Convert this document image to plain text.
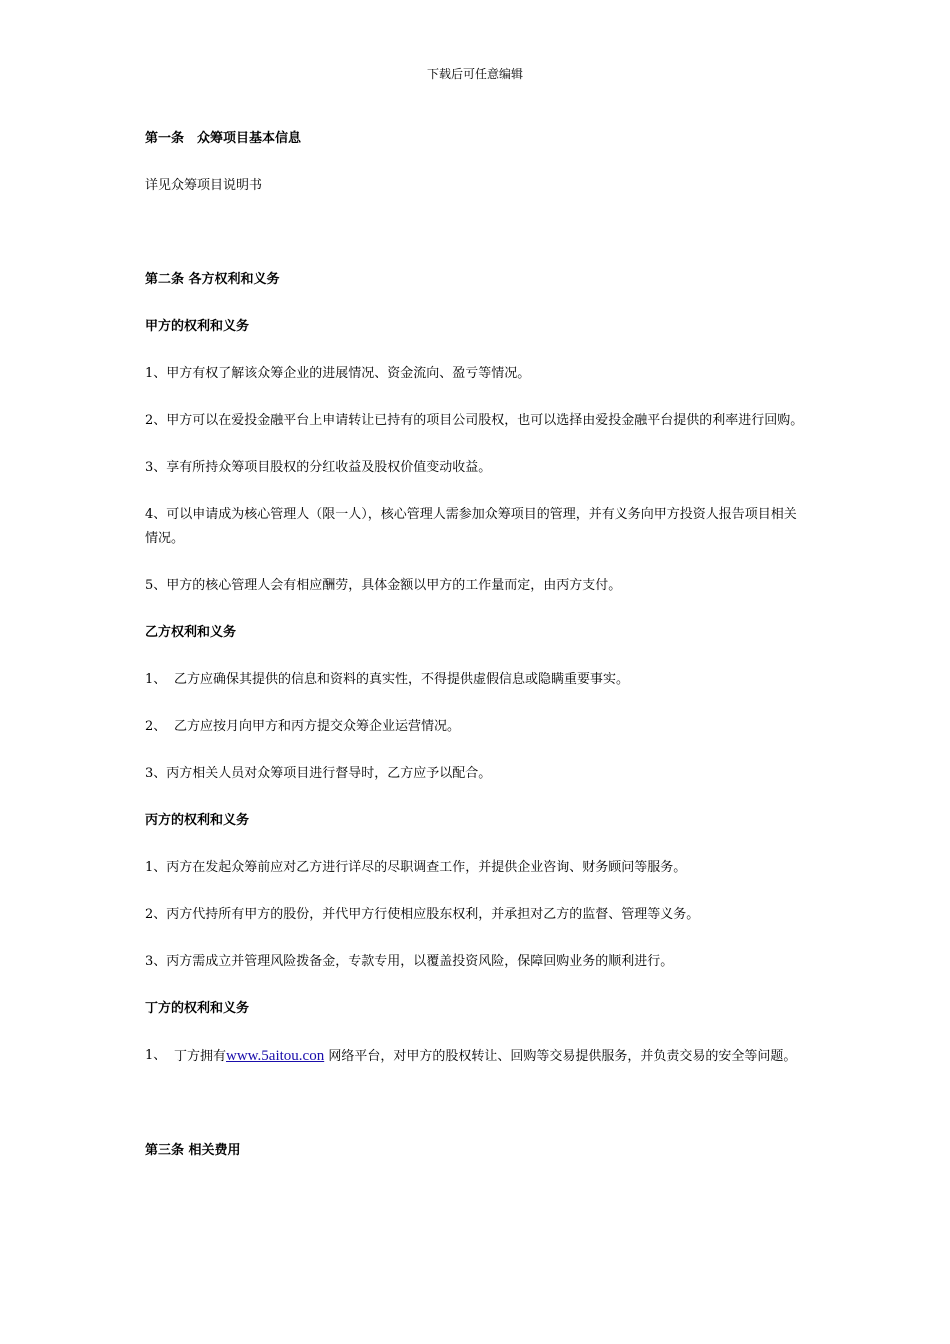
下载后可任意编辑

第一条　众筹项目基本信息

详见众筹项目说明书

第二条 各方权利和义务

甲方的权利和义务

1、甲方有权了解该众筹企业的进展情况、资金流向、盈亏等情况。

2、甲方可以在爱投金融平台上申请转让已持有的项目公司股权，也可以选择由爱投金融平台提供的利率进行回购。

3、享有所持众筹项目股权的分红收益及股权价值变动收益。

4、可以申请成为核心管理人（限一人），核心管理人需参加众筹项目的管理，并有义务向甲方投资人报告项目相关情况。

5、甲方的核心管理人会有相应酬劳，具体金额以甲方的工作量而定，由丙方支付。

乙方权利和义务

1、 乙方应确保其提供的信息和资料的真实性，不得提供虚假信息或隐瞒重要事实。
2、 乙方应按月向甲方和丙方提交众筹企业运营情况。

3、丙方相关人员对众筹项目进行督导时，乙方应予以配合。

丙方的权利和义务

1、丙方在发起众筹前应对乙方进行详尽的尽职调查工作，并提供企业咨询、财务顾问等服务。

2、丙方代持所有甲方的股份，并代甲方行使相应股东权利，并承担对乙方的监督、管理等义务。

3、丙方需成立并管理风险拨备金，专款专用，以覆盖投资风险，保障回购业务的顺利进行。

丁方的权利和义务

1、 丁方拥有www.5aitou.con 网络平台，对甲方的股权转让、回购等交易提供服务，并负责交易的安全等问题。

第三条 相关费用
